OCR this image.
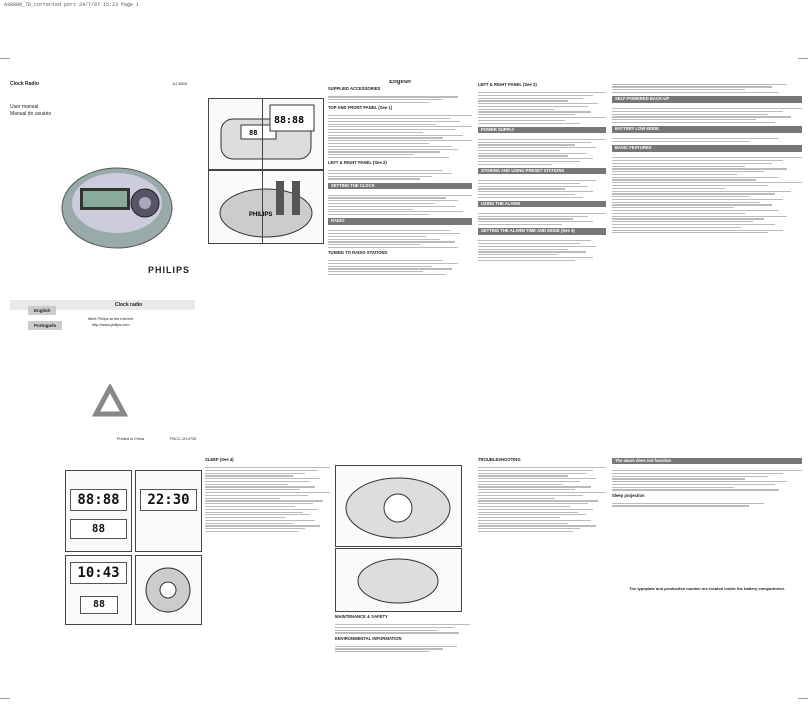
A38800_78_corrected port 24/7/07 15:23 Page 1
Clock Radio	AJ 3600
User manual
Manual do usuário
PHILIPS
Clock radio
Meet Philips at the Internet
http://www.philips.com
English
Português
Printed in China	PDCC-JH-0730
88
PHILIPS
88:88
English
SUPPLIED ACCESSORIES
TOP AND FRONT PANEL (See 1)
LEFT & RIGHT PANEL (See 2)
SETTING THE CLOCK
RADIO
TUNING TO RADIO STATIONS
LEFT & RIGHT PANEL (See 2)
POWER SUPPLY
STORING AND USING PRESET STATIONS
USING THE ALARM
SETTING THE ALARM TIME AND MODE (See 3)
SELF-POWERED BACK-UP
BATTERY LOW MODE
BASIC FEATURES
88:88
88
22:30
10:43
88
SLEEP (See 4)
MAINTENANCE & SAFETY
ENVIRONMENTAL INFORMATION
TROUBLESHOOTING	The alarm does not function
Sleep projection
The typeplate and production number are located inside the battery compartment.
